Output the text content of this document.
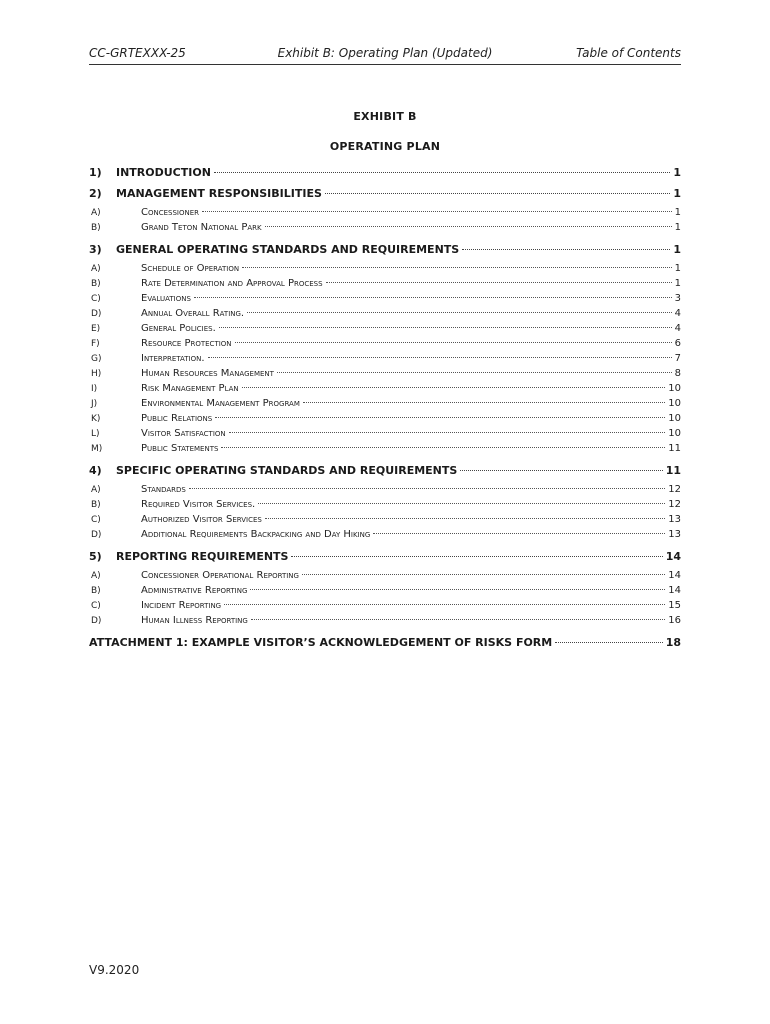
CC-GRTEXXX-25	Exhibit B: Operating Plan (Updated)	Table of Contents
EXHIBIT B
OPERATING PLAN
1)	INTRODUCTION	1
2)	MANAGEMENT RESPONSIBILITIES	1
A)	Concessioner	1
B)	Grand Teton National Park	1
3)	GENERAL OPERATING STANDARDS AND REQUIREMENTS	1
A)	Schedule of Operation	1
B)	Rate Determination and Approval Process	1
C)	Evaluations	3
D)	Annual Overall Rating.	4
E)	General Policies.	4
F)	Resource Protection	6
G)	Interpretation.	7
H)	Human Resources Management	8
I)	Risk Management Plan	10
J)	Environmental Management Program	10
K)	Public Relations	10
L)	Visitor Satisfaction	10
M)	Public Statements	11
4)	SPECIFIC OPERATING STANDARDS AND REQUIREMENTS	11
A)	Standards	12
B)	Required Visitor Services.	12
C)	Authorized Visitor Services	13
D)	Additional Requirements Backpacking and Day Hiking	13
5)	REPORTING REQUIREMENTS	14
A)	Concessioner Operational Reporting	14
B)	Administrative Reporting	14
C)	Incident Reporting	15
D)	Human Illness Reporting	16
ATTACHMENT 1: EXAMPLE VISITOR’S ACKNOWLEDGEMENT OF RISKS FORM	18
V9.2020
